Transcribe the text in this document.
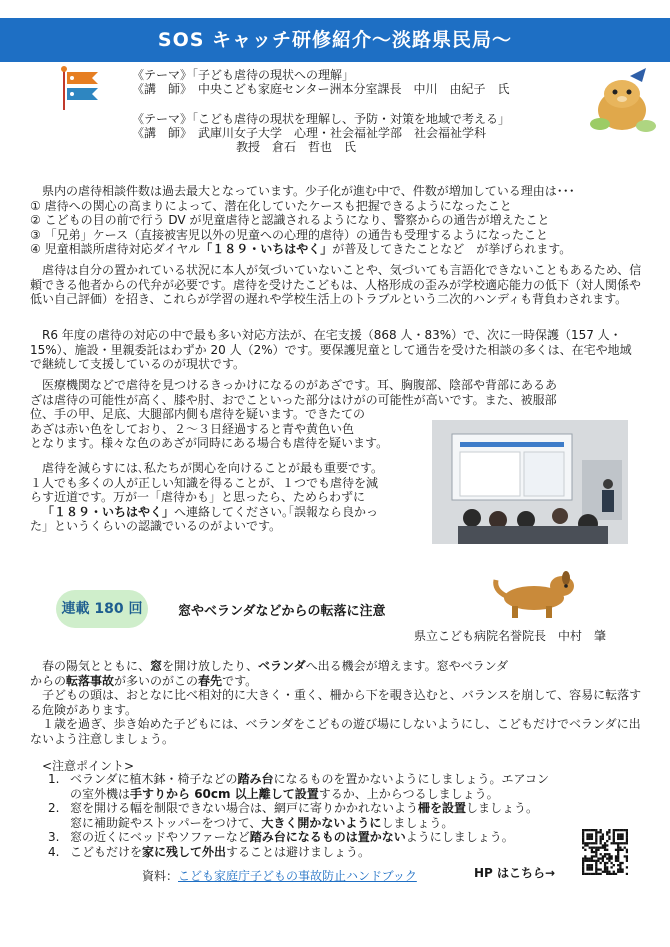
SOS キャッチ研修紹介〜淡路県民局〜
《テーマ》「子ども虐待の現状への理解」
《講　師》　中央こども家庭センター洲本分室課長　中川　由紀子　氏
《テーマ》「こども虐待の現状を理解し、予防・対策を地域で考える」
《講　師》　武庫川女子大学　心理・社会福祉学部　社会福祉学科
教授　倉石　哲也　氏

県内の虐待相談件数は過去最大となっています。少子化が進む中で、件数が増加している理由は･･･

① 虐待への関心の高まりによって、潜在化していたケースも把握できるようになったこと

② こどもの目の前で行う DV が児童虐待と認識されるようになり、警察からの通告が増えたこと

③ 「兄弟」ケース（直接被害児以外の児童への心理的虐待）の通告も受理するようになったこと

④ 児童相談所虐待対応ダイヤル「１８９・いちはやく」が普及してきたことなど　が挙げられます。

虐待は自分の置かれている状況に本人が気づいていないことや、気づいても言語化できないこともあるため、信頼できる他者からの代弁が必要です。虐待を受けたこどもは、人格形成の歪みが学校適応能力の低下（対人関係や低い自己評価）を招き、これらが学習の遅れや学校生活上のトラブルという二次的ハンディも背負わされます。

R6 年度の虐待の対応の中で最も多い対応方法が、在宅支援（868 人・83%）で、次に一時保護（157 人・15%）、施設・里親委託はわずか 20 人（2%）です。要保護児童として通告を受けた相談の多くは、在宅や地域で継続して支援しているのが現状です。

医療機関などで虐待を見つけるきっかけになるのがあざです。耳、胸腹部、陰部や背部にあるあ

ざは虐待の可能性が高く、膝や肘、おでこといった部分はけがの可能性が高いです。また、被服部

位、手の甲、足底、大腿部内側も虐待を疑います。できたての

あざは赤い色をしており、２〜３日経過すると青や黄色い色

となります。様々な色のあざが同時にある場合も虐待を疑います。

虐待を減らすには､私たちが関心を向けることが最も重要です。

１人でも多くの人が正しい知識を得ることが、１つでも虐待を減

らす近道です。万が一「虐待かも」と思ったら、ためらわずに

「１８９・いちはやく」へ連絡してください｡｢誤報なら良かっ

た」というくらいの認識でいるのがよいです。

連載 180 回	窓やベランダなどからの転落に注意
県立こども病院名誉院長　中村　肇

春の陽気とともに、窓を開け放したり、ベランダへ出る機会が増えます。窓やベランダ

からの転落事故が多いのがこの春先です。

子どもの頭は、おとなに比べ相対的に大きく・重く、柵から下を覗き込むと、バランスを崩して、容易に転落する危険があります。

１歳を過ぎ、歩き始めた子どもには、ベランダをこどもの遊び場にしないようにし、こどもだけでベランダに出ないよう注意しましょう。

<注意ポイント>
1. ベランダに植木鉢・椅子などの踏み台になるものを置かないようにしましょう。エアコン
の室外機は手すりから 60cm 以上離して設置するか、上からつるしましょう。
2. 窓を開ける幅を制限できない場合は、網戸に寄りかかれないよう柵を設置しましょう。
窓に補助錠やストッパーをつけて、大きく開かないようにしましょう。
3. 窓の近くにベッドやソファーなど踏み台になるものは置かないようにしましょう。
4. こどもだけを家に残して外出することは避けましょう。
資料：こども家庭庁子どもの事故防止ハンドブック	HP はこちら→
